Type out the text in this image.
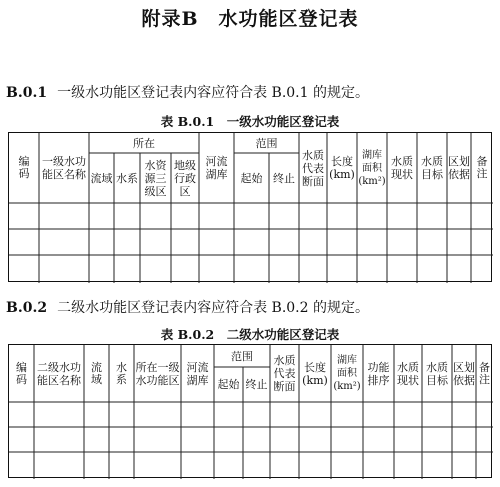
附录B　水功能区登记表
B.0.1 一级水功能区登记表内容应符合表 B.0.1 的规定。
表 B.0.1　一级水功能区登记表
编码
一级水功能区名称
所在
流域 水系
水资源三级区
地级行政区
河流湖库
范围
起始 终止
水质代表断面
长度(km)
湖库面积(km²)
水质现状
水质目标
区划依据
备注
B.0.2 二级水功能区登记表内容应符合表 B.0.2 的规定。
表 B.0.2　二级水功能区登记表
编码
二级水功能区名称
流域
水系
所在一级水功能区
河流湖库
范围
起始 终止
水质代表断面
长度(km)
湖库面积(km²)
功能排序
水质现状
水质目标
区划依据
备注
